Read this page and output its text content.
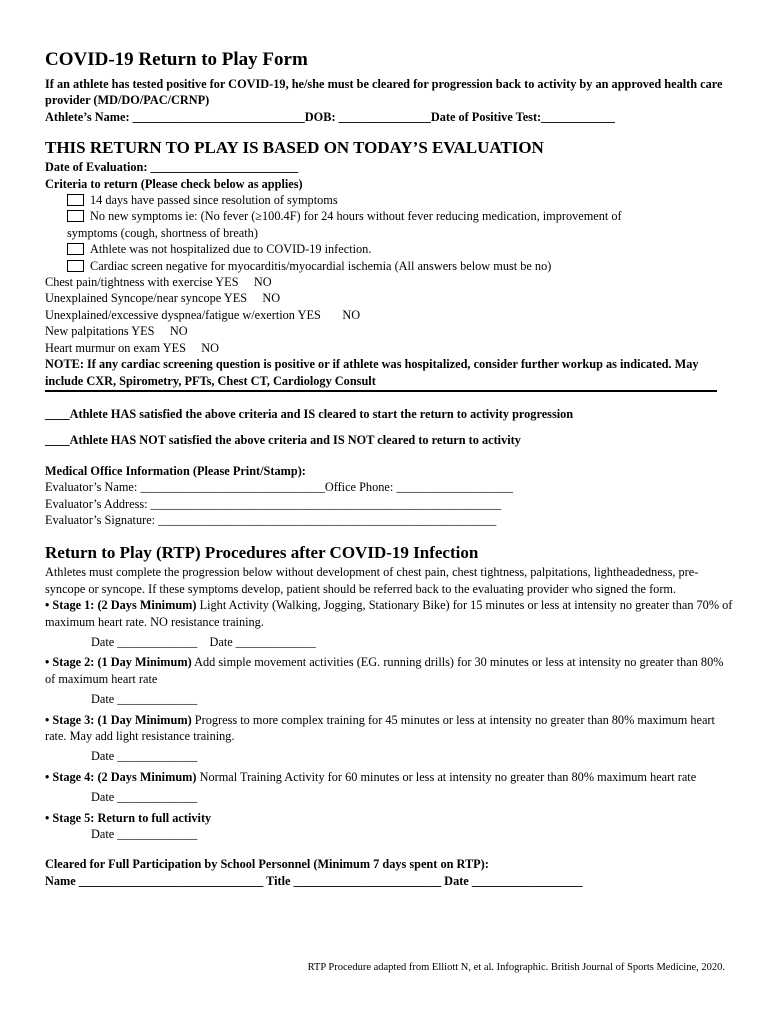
COVID-19 Return to Play Form

If an athlete has tested positive for COVID-19, he/she must be cleared for progression back to activity by an approved health care provider (MD/DO/PAC/CRNP)

Athlete’s Name: ____________________________DOB: _______________Date of Positive Test:____________

THIS RETURN TO PLAY IS BASED ON TODAY’S EVALUATION

Date of Evaluation: ________________________

Criteria to return (Please check below as applies)

14 days have passed since resolution of symptoms
No new symptoms ie: (No fever (≥100.4F) for 24 hours without fever reducing medication, improvement of
symptoms (cough, shortness of breath)
Athlete was not hospitalized due to COVID-19 infection.
Cardiac screen negative for myocarditis/myocardial ischemia (All answers below must be no)

Chest pain/tightness with exercise YES     NO

Unexplained Syncope/near syncope YES     NO

Unexplained/excessive dyspnea/fatigue w/exertion YES       NO

New palpitations YES     NO

Heart murmur on exam YES     NO

NOTE: If any cardiac screening question is positive or if athlete was hospitalized, consider further workup as indicated. May include CXR, Spirometry, PFTs, Chest CT, Cardiology Consult

____Athlete HAS satisfied the above criteria and IS cleared to start the return to activity progression

____Athlete HAS NOT satisfied the above criteria and IS NOT cleared to return to activity

Medical Office Information (Please Print/Stamp):

Evaluator’s Name: ______________________________Office Phone: ___________________

Evaluator’s Address: _________________________________________________________

Evaluator’s Signature: _______________________________________________________

Return to Play (RTP) Procedures after COVID-19 Infection

Athletes must complete the progression below without development of chest pain, chest tightness, palpitations, lightheadedness, pre-syncope or syncope. If these symptoms develop, patient should be referred back to the evaluating provider who signed the form.

• Stage 1: (2 Days Minimum) Light Activity (Walking, Jogging, Stationary Bike) for 15 minutes or less at intensity no greater than 70% of maximum heart rate. NO resistance training.

Date _____________    Date _____________

• Stage 2: (1 Day Minimum) Add simple movement activities (EG. running drills) for 30 minutes or less at intensity no greater than 80% of maximum heart rate

Date _____________

• Stage 3: (1 Day Minimum) Progress to more complex training for 45 minutes or less at intensity no greater than 80% maximum heart rate. May add light resistance training.

Date _____________

• Stage 4: (2 Days Minimum) Normal Training Activity for 60 minutes or less at intensity no greater than 80% maximum heart rate

Date _____________

• Stage 5: Return to full activity

Date _____________

Cleared for Full Participation by School Personnel (Minimum 7 days spent on RTP):

Name ______________________________ Title ________________________ Date __________________

RTP Procedure adapted from Elliott N, et al. Infographic. British Journal of Sports Medicine, 2020.
